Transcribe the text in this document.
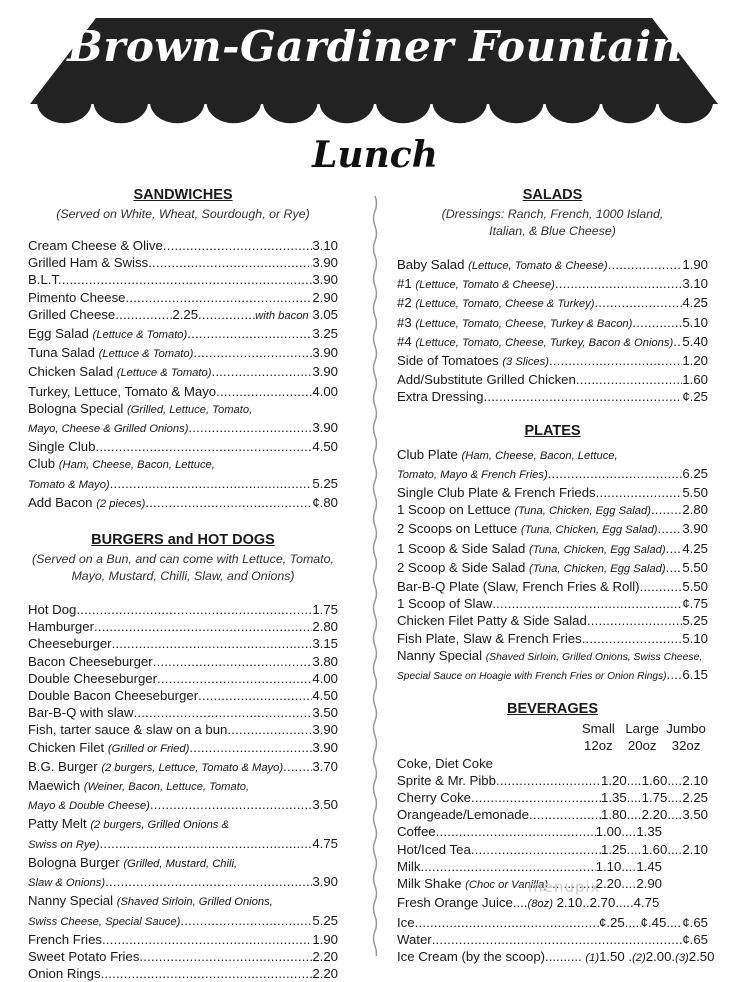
Brown-Gardiner Fountain
Lunch
SANDWICHES
(Served on White, Wheat, Sourdough, or Rye)
Cream Cheese & Olive .....	3.10
Grilled Ham & Swiss .....	3.90
B.L.T. .....	3.90
Pimento Cheese .....	2.90
Grilled Cheese .....	2.25 .....	with bacon 3.05
Egg Salad (Lettuce & Tomato) .....	3.25
Tuna Salad (Lettuce & Tomato) .....	3.90
Chicken Salad (Lettuce & Tomato) .....	3.90
Turkey, Lettuce, Tomato & Mayo .....	4.00
Bologna Special (Grilled, Lettuce, Tomato,
Mayo, Cheese & Grilled Onions) .....	3.90
Single Club .....	4.50
Club (Ham, Cheese, Bacon, Lettuce,
Tomato & Mayo) .....	5.25
Add Bacon (2 pieces) .....	¢.80
BURGERS and HOT DOGS
(Served on a Bun, and can come with Lettuce, Tomato,
Mayo, Mustard, Chilli, Slaw, and Onions)
Hot Dog .....	1.75
Hamburger .....	2.80
Cheeseburger .....	3.15
Bacon Cheeseburger .....	3.80
Double Cheeseburger .....	4.00
Double Bacon Cheeseburger .....	4.50
Bar-B-Q with slaw .....	3.50
Fish, tarter sauce & slaw on a bun .....	3.90
Chicken Filet (Grilled or Fried) .....	3.90
B.G. Burger (2 burgers, Lettuce, Tomato & Mayo) ..... 3.70
Maewich (Weiner, Bacon, Lettuce, Tomato,
Mayo & Double Cheese) .....	3.50
Patty Melt (2 burgers, Grilled Onions &
Swiss on Rye) .....	4.75
Bologna Burger (Grilled, Mustard, Chili,
Slaw & Onions) .....	3.90
Nanny Special (Shaved Sirloin, Grilled Onions,
Swiss Cheese, Special Sauce) .....	5.25
French Fries .....	1.90
Sweet Potato Fries .....	2.20
Onion Rings .....	2.20
SALADS
(Dressings: Ranch, French, 1000 Island,
Italian, & Blue Cheese)
Baby Salad (Lettuce, Tomato & Cheese) .....	1.90
#1 (Lettuce, Tomato & Cheese) .....	3.10
#2 (Lettuce, Tomato, Cheese & Turkey) .....	4.25
#3 (Lettuce, Tomato, Cheese, Turkey & Bacon) .....	5.10
#4 (Lettuce, Tomato, Cheese, Turkey, Bacon & Onions) ..... 5.40
Side of Tomatoes (3 Slices) .....	1.20
Add/Substitute Grilled Chicken .....	1.60
Extra Dressing .....	¢.25
PLATES
Club Plate (Ham, Cheese, Bacon, Lettuce,
Tomato, Mayo & French Fries) .....	6.25
Single Club Plate & French Frieds .....	5.50
1 Scoop on Lettuce (Tuna, Chicken, Egg Salad) ..... 2.80
2 Scoops on Lettuce (Tuna, Chicken, Egg Salad) ..... 3.90
1 Scoop & Side Salad (Tuna, Chicken, Egg Salad) ..... 4.25
2 Scoop & Side Salad (Tuna, Chicken, Egg Salad) ..... 5.50
Bar-B-Q Plate (Slaw, French Fries & Roll) .....	5.50
1 Scoop of Slaw .....	¢.75
Chicken Filet Patty & Side Salad .....	5.25
Fish Plate, Slaw & French Fries .....	5.10
Nanny Special (Shaved Sirloin, Grilled Onions, Swiss Cheese,
Special Sauce on Hoagie with French Fries or Onion Rings) ..... 6.15
BEVERAGES
Small Large Jumbo
12oz	20oz	32oz
Coke, Diet Coke
Sprite & Mr. Pibb .....	1.20 ..... 1.60 ..... 2.10
Cherry Coke .....	1.35 ..... 1.75 ..... 2.25
Orangeade/Lemonade .....	1.80 ..... 2.20 ..... 3.50
Coffee .....	1.00 ..... 1.35
Hot/Iced Tea .....	1.25 ..... 1.60 ..... 2.10
Milk .....	1.10 ..... 1.45
Milk Shake (Choc or Vanilla) .....	2.20 ..... 2.90
Fresh Orange Juice....(8oz) 2.10..2.70.....4.75
Ice .....	¢.25 ..... ¢.45 ..... ¢.65
Water .....	¢.65
Ice Cream (by the scoop).......... (1)1.50 .(2)2.00.(3)2.50
menupix
